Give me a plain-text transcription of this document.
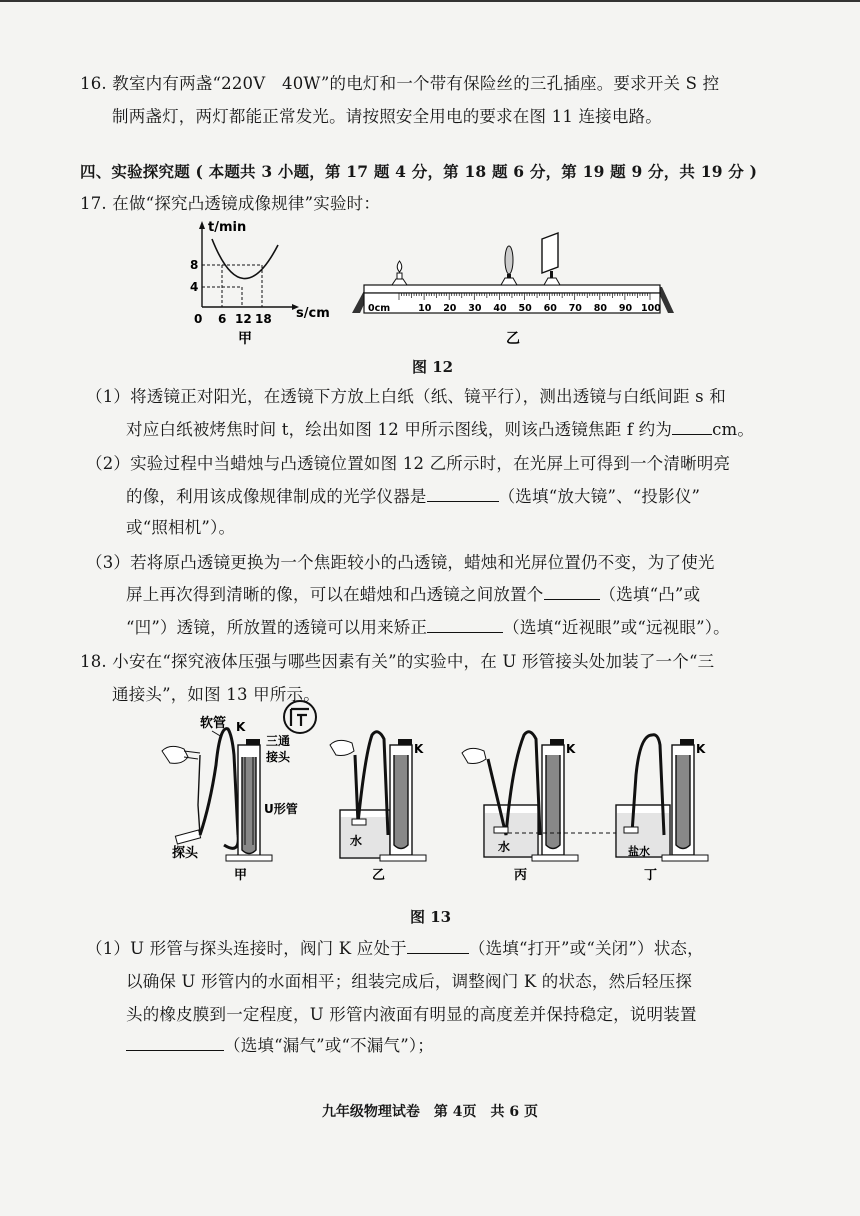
16. 教室内有两盏“220V　40W”的电灯和一个带有保险丝的三孔插座。要求开关 S 控
制两盏灯，两灯都能正常发光。请按照安全用电的要求在图 11 连接电路。
四、实验探究题 ( 本题共 3 小题，第 17 题 4 分，第 18 题 6 分，第 19 题 9 分，共 19 分 )
17. 在做“探究凸透镜成像规律”实验时：
t/min
s/cm
8
4
0 6 12 18
甲
10 20 30 40 50 60 70 80 90 100
0cm
乙
图 12
（1）将透镜正对阳光，在透镜下方放上白纸（纸、镜平行），测出透镜与白纸间距 s 和
对应白纸被烤焦时间 t，绘出如图 12 甲所示图线，则该凸透镜焦距 f 约为 cm。
（2）实验过程中当蜡烛与凸透镜位置如图 12 乙所示时，在光屏上可得到一个清晰明亮
的像，利用该成像规律制成的光学仪器是	（选填“放大镜”、“投影仪”
或“照相机”）。
（3）若将原凸透镜更换为一个焦距较小的凸透镜，蜡烛和光屏位置仍不变，为了使光
屏上再次得到清晰的像，可以在蜡烛和凸透镜之间放置个	（选填“凸”或
“凹”）透镜，所放置的透镜可以用来矫正	（选填“近视眼”或“远视眼”）。
18. 小安在“探究液体压强与哪些因素有关”的实验中，在 U 形管接头处加装了一个“三
通接头”，如图 13 甲所示。
K
软管
三通
接头
U形管
探头
甲
K
水
乙
K
水
丙
K
盐水
丁
图 13
（1）U 形管与探头连接时，阀门 K 应处于	（选填“打开”或“关闭”）状态，
以确保 U 形管内的水面相平；组装完成后，调整阀门 K 的状态，然后轻压探
头的橡皮膜到一定程度，U 形管内液面有明显的高度差并保持稳定，说明装置
（选填“漏气”或“不漏气”）；
九年级物理试卷　第 4页　共 6 页
